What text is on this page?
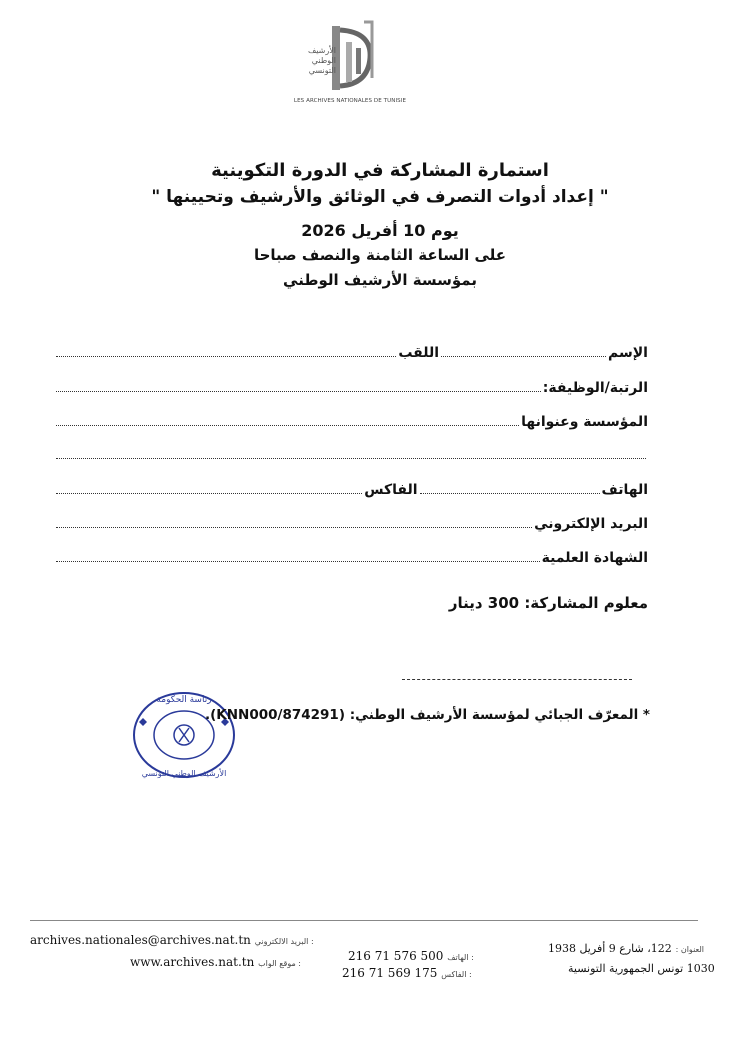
الأرشيف
الوطني
التونسي
LES ARCHIVES NATIONALES DE TUNISIE
استمارة المشاركة في الدورة التكوينية
" إعداد أدوات التصرف في الوثائق والأرشيف وتحيينها "
يوم 10 أفريل 2026
على الساعة الثامنة والنصف صباحا
بمؤسسة الأرشيف الوطني
الإسم
اللقب
الرتبة/الوظيفة:
المؤسسة وعنوانها
الهاتف
الفاكس
البريد الإلكتروني
الشهادة العلمية
معلوم المشاركة: 300 دينار
رئاسة الحكومة
الأرشيف الوطني التونسي
* المعرّف الجبائي لمؤسسة الأرشيف الوطني: (874291/KNN000).
archives.nationales@archives.nat.tn البريد الالكتروني :
www.archives.nat.tn موقع الواب :
216 71 576 500 الهاتف :
216 71 569 175 الفاكس :
العنوان : 122، شارع 9 أفريل 1938
1030 تونس الجمهورية التونسية
